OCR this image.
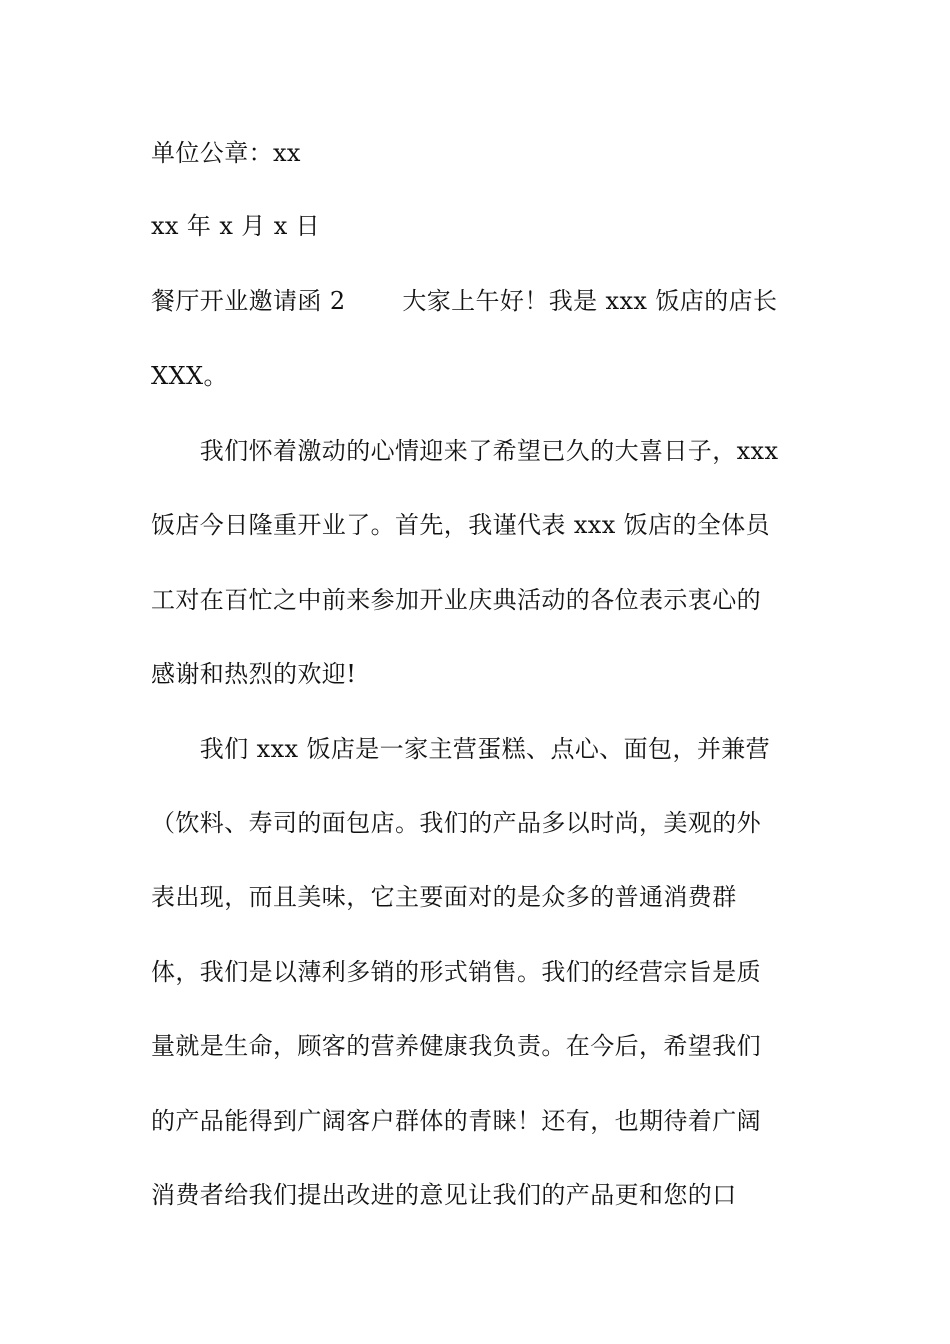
单位公章：xx
xx 年 x 月 x 日
餐厅开业邀请函 2　　 大家上午好！我是 xxx 饭店的店长
XXX。
　　我们怀着激动的心情迎来了希望已久的大喜日子，xxx
饭店今日隆重开业了。首先，我谨代表 xxx 饭店的全体员
工对在百忙之中前来参加开业庆典活动的各位表示衷心的
感谢和热烈的欢迎!
　　我们 xxx 饭店是一家主营蛋糕、点心、面包，并兼营
（饮料、寿司的面包店。我们的产品多以时尚，美观的外
表出现，而且美味，它主要面对的是众多的普通消费群
体，我们是以薄利多销的形式销售。我们的经营宗旨是质
量就是生命，顾客的营养健康我负责。在今后，希望我们
的产品能得到广阔客户群体的青睐！还有，也期待着广阔
消费者给我们提出改进的意见让我们的产品更和您的口
